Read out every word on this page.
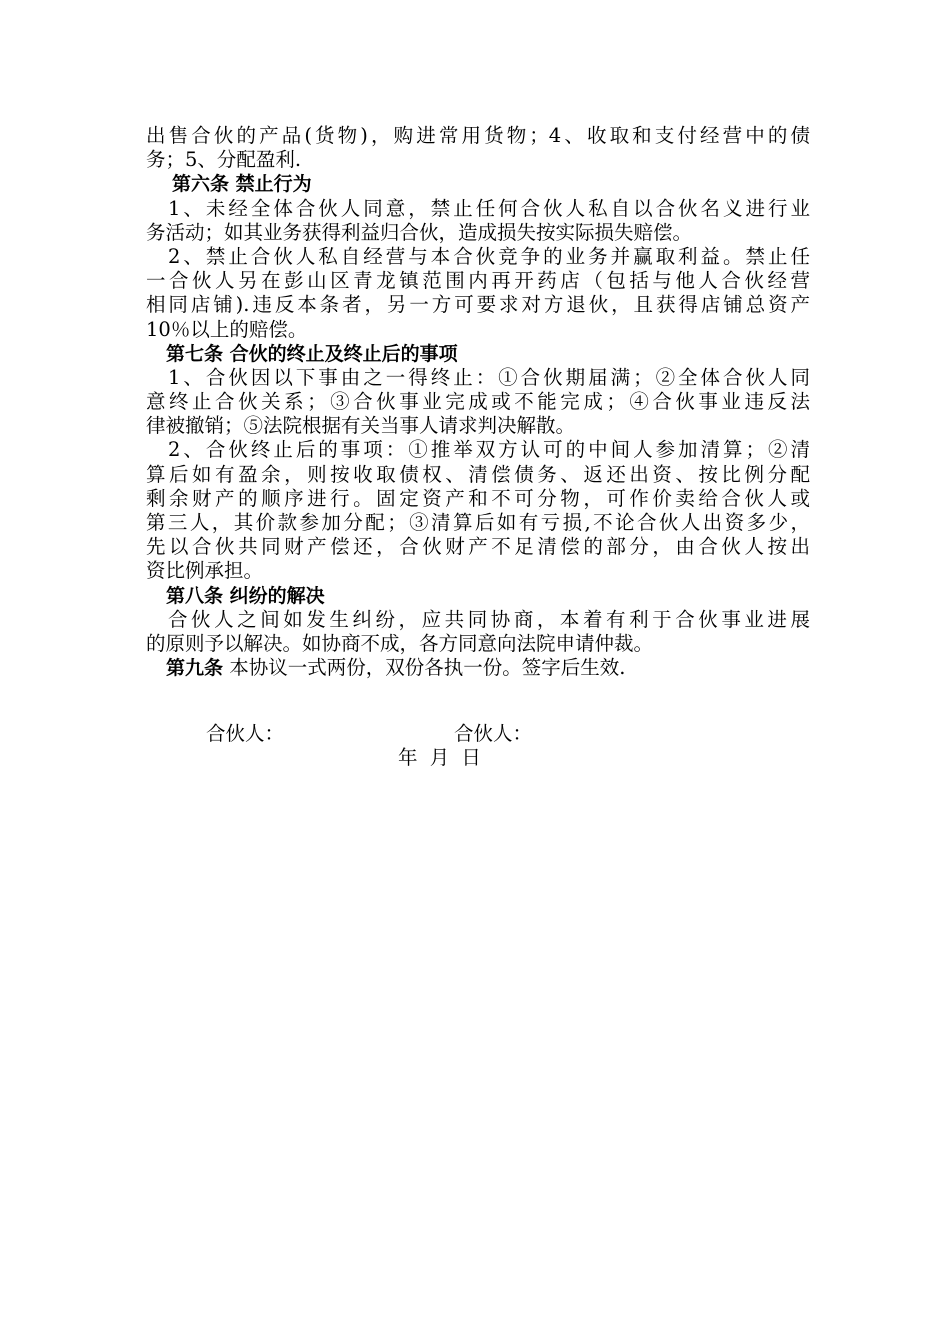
出售合伙的产品(货物)，购进常用货物；4、收取和支付经营中的债
务；5、分配盈利.
第六条 禁止行为
1、未经全体合伙人同意，禁止任何合伙人私自以合伙名义进行业
务活动；如其业务获得利益归合伙，造成损失按实际损失赔偿。
2、禁止合伙人私自经营与本合伙竞争的业务并赢取利益。禁止任
一合伙人另在彭山区青龙镇范围内再开药店（包括与他人合伙经营
相同店铺).违反本条者，另一方可要求对方退伙，且获得店铺总资产
10％以上的赔偿。
第七条 合伙的终止及终止后的事项
1、合伙因以下事由之一得终止：①合伙期届满；②全体合伙人同
意终止合伙关系；③合伙事业完成或不能完成；④合伙事业违反法
律被撤销；⑤法院根据有关当事人请求判决解散。
2、合伙终止后的事项：①推举双方认可的中间人参加清算；②清
算后如有盈余，则按收取债权、清偿债务、返还出资、按比例分配
剩余财产的顺序进行。固定资产和不可分物，可作价卖给合伙人或
第三人，其价款参加分配；③清算后如有亏损,不论合伙人出资多少，
先以合伙共同财产偿还，合伙财产不足清偿的部分，由合伙人按出
资比例承担。
第八条 纠纷的解决
合伙人之间如发生纠纷，应共同协商，本着有利于合伙事业进展
的原则予以解决。如协商不成，各方同意向法院申请仲裁。
第九条 本协议一式两份，双份各执一份。签字后生效.
合伙人：	合伙人：
年 月 日
